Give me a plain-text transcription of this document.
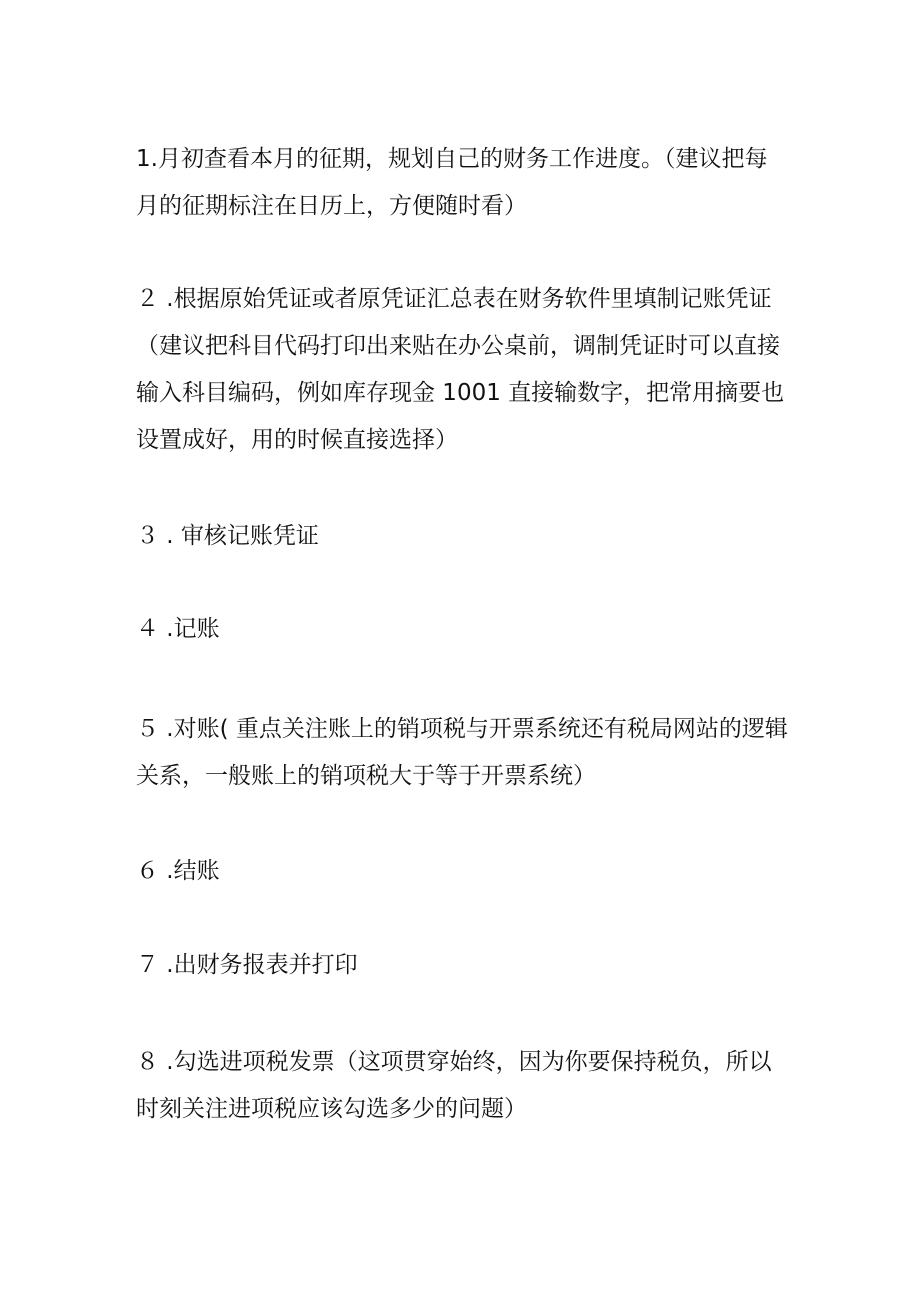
1.月初查看本月的征期，规划自己的财务工作进度。（建议把每
月的征期标注在日历上，方便随时看）
２ .根据原始凭证或者原凭证汇总表在财务软件里填制记账凭证
（建议把科目代码打印出来贴在办公桌前，调制凭证时可以直接
输入科目编码，例如库存现金 1001 直接输数字，把常用摘要也
设置成好，用的时候直接选择）
３ . 审核记账凭证
４ .记账
５ .对账( 重点关注账上的销项税与开票系统还有税局网站的逻辑
关系，一般账上的销项税大于等于开票系统）
６ .结账
７ .出财务报表并打印
８ .勾选进项税发票（这项贯穿始终，因为你要保持税负，所以
时刻关注进项税应该勾选多少的问题）
